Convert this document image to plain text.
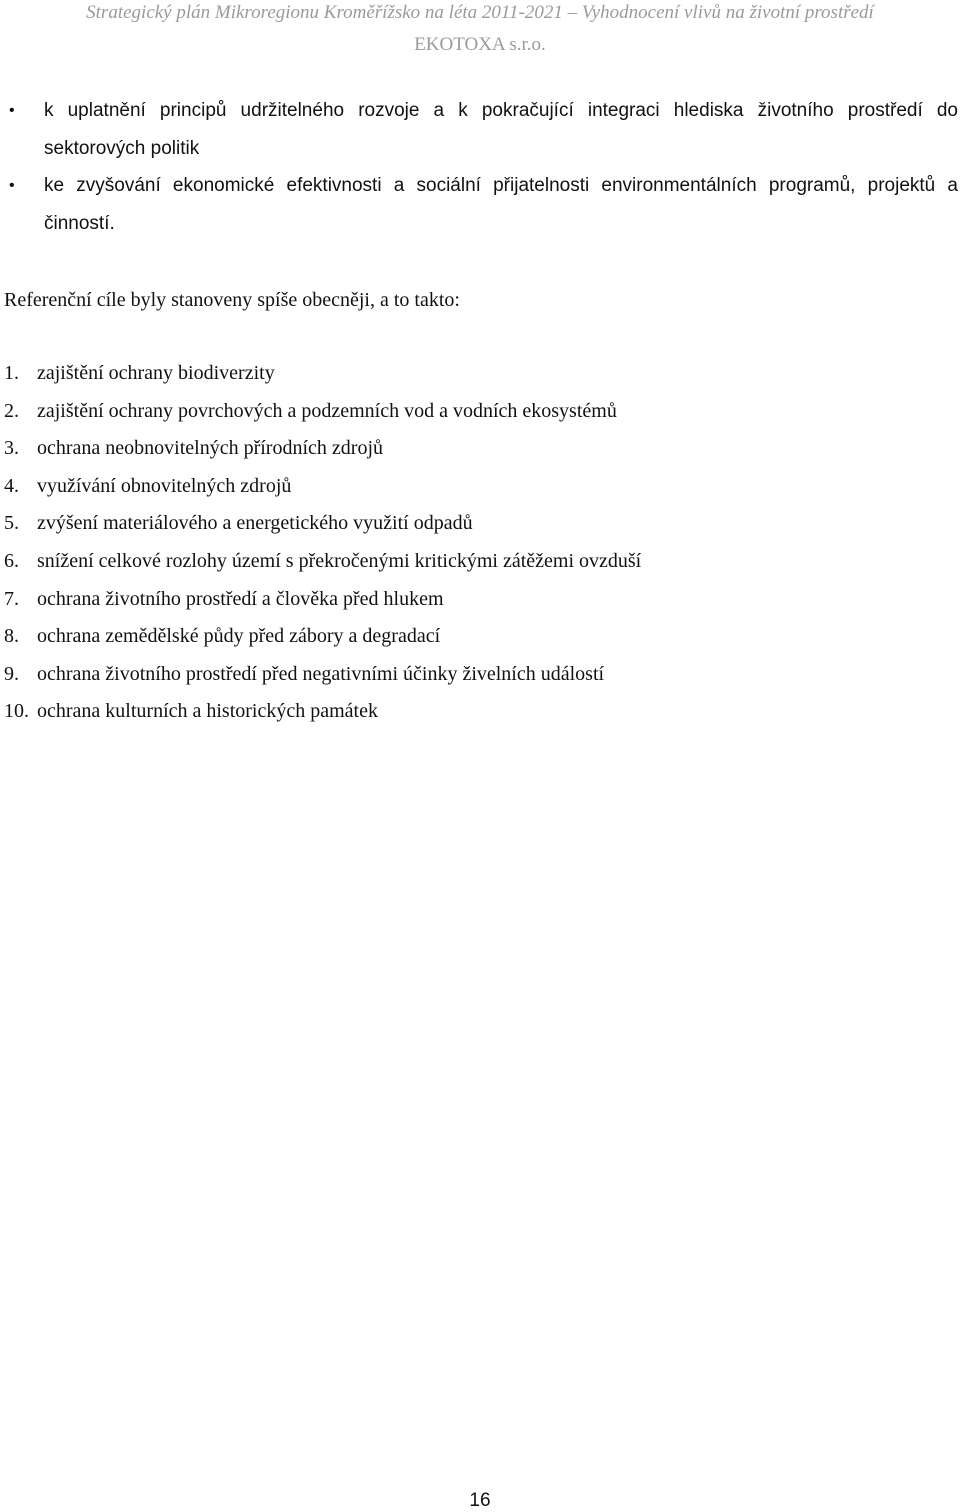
Strategický plán Mikroregionu Kroměřížsko na léta 2011-2021 – Vyhodnocení vlivů na životní prostředí
EKOTOXA s.r.o.
• k uplatnění principů udržitelného rozvoje a k pokračující integraci hlediska životního prostředí do sektorových politik
• ke zvyšování ekonomické efektivnosti a sociální přijatelnosti environmentálních programů, projektů a činností.

Referenční cíle byly stanoveny spíše obecněji, a to takto:

1. zajištění ochrany biodiverzity
2. zajištění ochrany povrchových a podzemních vod a vodních ekosystémů
3. ochrana neobnovitelných přírodních zdrojů
4. využívání obnovitelných zdrojů
5. zvýšení materiálového a energetického využití odpadů
6. snížení celkové rozlohy území s překročenými kritickými zátěžemi ovzduší
7. ochrana životního prostředí a člověka před hlukem
8. ochrana zemědělské půdy před zábory a degradací
9. ochrana životního prostředí před negativními účinky živelních událostí
10. ochrana kulturních a historických památek
16
